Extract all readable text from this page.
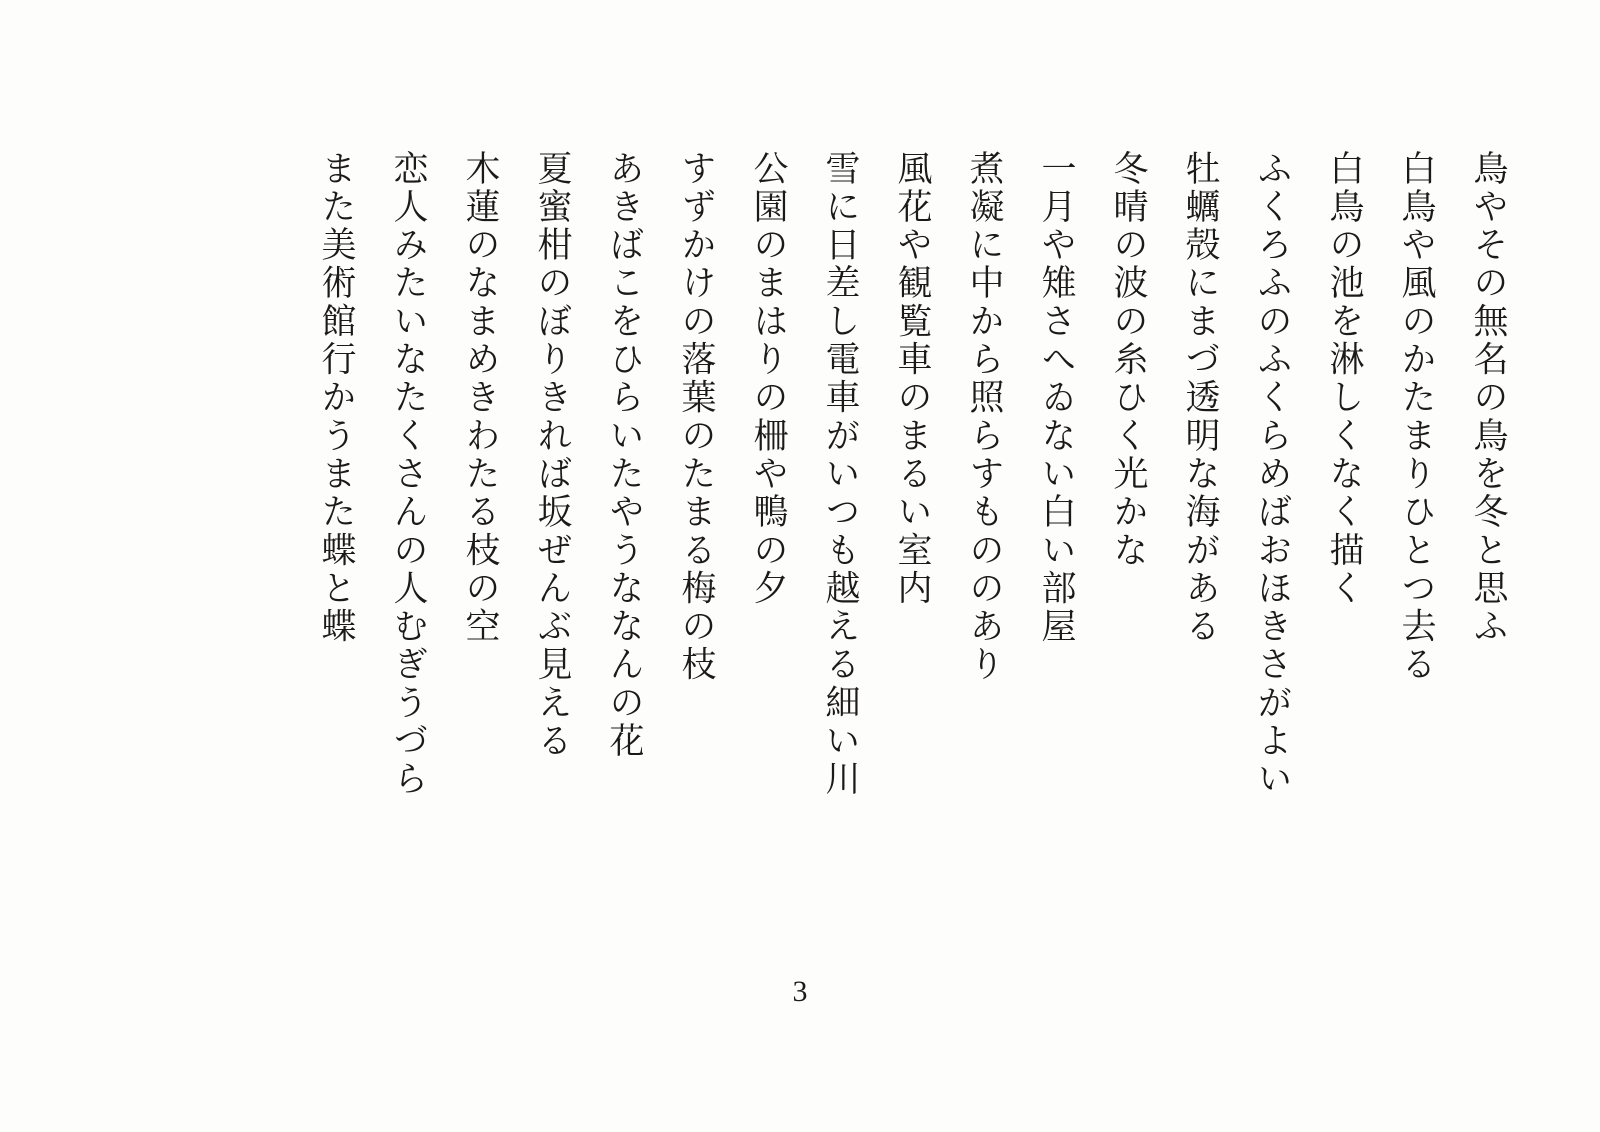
鳥やその無名の鳥を冬と思ふ
白鳥や風のかたまりひとつ去る
白鳥の池を淋しくなく描く
ふくろふのふくらめばおほきさがよい
牡蠣殻にまづ透明な海がある
冬晴の波の糸ひく光かな
一月や雉さへゐない白い部屋
煮凝に中から照らすもののあり
風花や観覧車のまるい室内
雪に日差し電車がいつも越える細い川
公園のまはりの柵や鴨の夕
すずかけの落葉のたまる梅の枝
あきばこをひらいたやうななんの花
夏蜜柑のぼりきれば坂ぜんぶ見える
木蓮のなまめきわたる枝の空
恋人みたいなたくさんの人むぎうづら
また美術館行かうまた蝶と蝶
3
